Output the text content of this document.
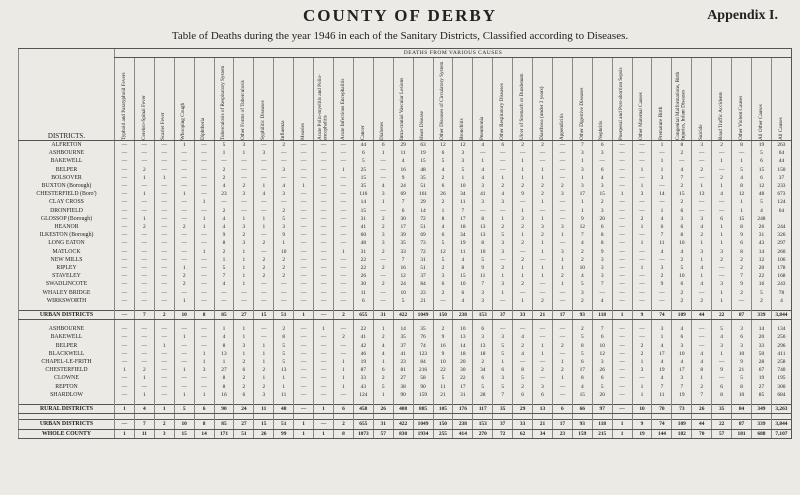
COUNTY OF DERBY	Appendix I.
Table of Deaths during the year 1946 in each of the Sanitary Districts, Classified according to Diseases.
DISTRICTS.	DEATHS FROM VARIOUS CAUSES																																	

	Typhoid and Paratyphoid Fevers	Cerebro-Spinal Fever	Scarlet Fever	Whooping Cough	Diphtheria	Tuberculosis of Respiratory System	Other Forms of Tuberculosis	Syphilitic Diseases	Influenza	Measles	Acute Polio-myelitis and Polio-encephalitis	Acute Infectious Encephalitis	Cancer	Diabetes	Intra-cranial Vascular Lesions	Heart Disease	Other Diseases of Circulatory System	Bronchitis	Pneumonia	Other Respiratory Diseases	Ulcer of Stomach or Duodenum	Diarrhoea (under 2 years)	Appendicitis	Other Digestive Diseases	Nephritis	Puerperal and Post-abortion Sepsis	Other Maternal Causes	Premature Birth	Congenital Malformations, Birth Injuries, Infant Diseases	Suicide	Road Traffic Accidents	Other Violent Causes	All Other Causes	All Causes

ALFRETON	—	—	—	1	—	5	3	—	2	—	—	—	44	6	29	63	12	12	4	6	2	2	—	7	6	—	—	1	8	3	2	8	19	263
ASHBOURNE	—	—	—	—	—	1	1	3	—	—	—	—	6	1	11	19	6	3	—	—	—	—	—	3	3	—	—	—	2	—	—	—	5	64
BAKEWELL	—	—	—	—	—	—	—	—	—	—	—	—	5	—	4	15	5	3	1	—	1	—	—	1	—	—	—	1	—	—	1	1	6	44
BELPER	—	2	—	—	—	2	—	—	3	—	—	1	25	—	16	48	4	5	4	—	1	1	—	3	6	—	1	1	4	2	—	5	15	150
BOLSOVER	—	1	1	—	—	2	—	—	—	—	—	—	15	—	9	35	2	1	4	1	1	1	—	1	4	—	—	3	7	—	2	4	6	37
BUXTON (Borough)	—	—	—	—	—	4	2	1	4	1	—	—	35	4	24	51	6	10	3	2	2	2	2	3	3	—	1	—	2	1	1	8	12	233
CHESTERFIELD (Boro')	—	1	—	1	—	23	3	4	3	—	—	—	116	3	69	161	26	34	41	4	9	2	3	17	15	1	3	14	15	13	4	12	48	673
CLAY CROSS	—	—	—	—	1	—	—	—	—	—	—	—	14	1	7	29	2	11	3	3	—	1	—	1	2	—	—	—	2	—	—	1	5	124
DRONFIELD	—	—	—	—	—	2	—	—	2	—	—	—	15	—	6	14	1	7	—	—	1	—	—	1	3	—	—	1	6	—	—	1	4	64
GLOSSOP (Borough)	—	1	—	—	1	4	1	1	5	—	—	—	31	2	30	72	8	17	8	1	3	1	—	9	20	—	2	4	3	3	6	15	248	
HEANOR	—	2	—	2	1	4	3	1	3	—	—	—	41	2	17	51	4	18	13	2	2	3	3	12	6	—	1	6	6	4	1	8	26	244
ILKESTON (Borough)	—	—	—	—	—	9	2	—	9	—	—	—	60	3	39	69	6	34	13	5	1	2	1	7	8	—	—	7	8	2	1	9	31	326
LONG EATON	—	—	—	—	—	8	3	2	1	—	—	—	48	3	35	73	5	19	8	3	2	1	—	4	8	—	1	11	10	1	1	6	43	297
MATLOCK	—	—	—	—	1	2	1	—	10	—	—	1	31	2	33	72	12	11	10	3	—	1	3	2	9	—	—	4	4	3	3	8	14	260
NEW MILLS	—	—	—	—	—	1	1	2	2	—	—	—	22	—	7	31	5	4	5	—	2	—	1	2	3	—	—	—	2	1	2	2	12	106
RIPLEY	—	—	—	1	—	5	1	2	2	—	—	—	22	2	16	51	2	8	9	2	1	1	1	10	3	—	1	3	5	4	—	2	20	178
STAVELEY	—	—	—	2	—	7	1	2	2	—	—	—	26	—	12	37	3	15	11	1	1	1	2	4	3	—	—	2	10	1	—	7	22	168
SWADLINCOTE	—	—	—	2	—	4	1	—	—	—	—	—	30	2	24	84	6	10	7	3	2	—	1	5	7	—	—	9	6	4	3	9	16	243
WHALEY BRIDGE	—	—	—	—	—	—	—	—	—	—	—	—	11	—	10	23	2	6	3	1	—	—	—	3	—	—	—	—	2	—	1	2	5	78
WIRKSWORTH	—	—	—	1	—	—	—	—	—	—	—	—	6	—	5	21	—	4	3	—	1	2	—	2	4	—	—	—	2	2	1	—	2	4

URBAN DISTRICTS	—	7	2	10	8	85	27	15	51	1	—	2	655	31	422	1049	150	238	153	37	33	21	17	93	118	1	9	74	109	44	22	87	339	3,844

ASHBOURNE	—	—	—	—	—	1	1	—	2	—	1	—	22	1	14	35	2	10	6	—	—	—	—	2	7	—	—	3	4	—	5	3	14	134
BAKEWELL	—	—	—	1	—	4	1	—	8	—	—	2	41	2	35	76	9	13	3	3	4	—	—	5	6	—	—	1	6	—	4	6	20	250
BELPER	—	—	1	—	—	8	3	1	5	—	—	—	42	4	37	74	16	14	13	5	2	1	2	8	10	—	2	4	3	—	3	3	33	296
BLACKWELL	—	—	—	—	1	13	1	1	5	—	—	—	46	4	41	123	9	18	18	5	4	1	—	5	12	—	2	17	10	4	1	10	50	411
CHAPEL-LE-FRITH	—	—	—	—	1	1	2	1	5	—	—	1	19	1	23	84	10	20	2	1	—	—	1	6	3	—	1	4	4	4	—	9	28	258
CHESTERFIELD	1	2	—	1	3	27	6	2	13	—	—	1	87	6	81	216	22	30	34	6	8	2	2	17	26	—	3	19	17	8	9	21	67	740
CLOWNE	—	1	—	—	—	8	2	1	1	—	—	1	33	2	27	58	5	22	6	3	5	—	1	8	6	—	—	4	3	1	—	5	19	195
REPTON	—	—	—	—	—	8	2	2	1	—	—	1	43	5	38	90	11	17	5	5	2	3	—	4	5	—	1	7	7	2	6	8	27	300
SHARDLOW	—	1	—	1	1	16	6	3	11	—	—	—	124	1	90	159	21	31	28	7	6	6	—	15	20	—	1	11	19	7	8	10	85	684

RURAL DISTRICTS	1	4	1	5	6	90	24	11	48	—	1	6	458	26	408	885	105	176	117	35	29	13	6	66	97	—	10	70	73	26	35	84	349	3,263

URBAN DISTRICTS	—	7	2	10	8	85	27	15	51	1	—	2	655	31	422	1049	150	238	153	37	33	21	17	93	118	1	9	74	109	44	22	87	339	3,844
WHOLE COUNTY	1	11	3	15	14	171	51	26	99	1	1	8	1073	57	830	1934	255	414	270	72	62	34	23	159	215	1	19	144	182	70	57	181	688	7,107
